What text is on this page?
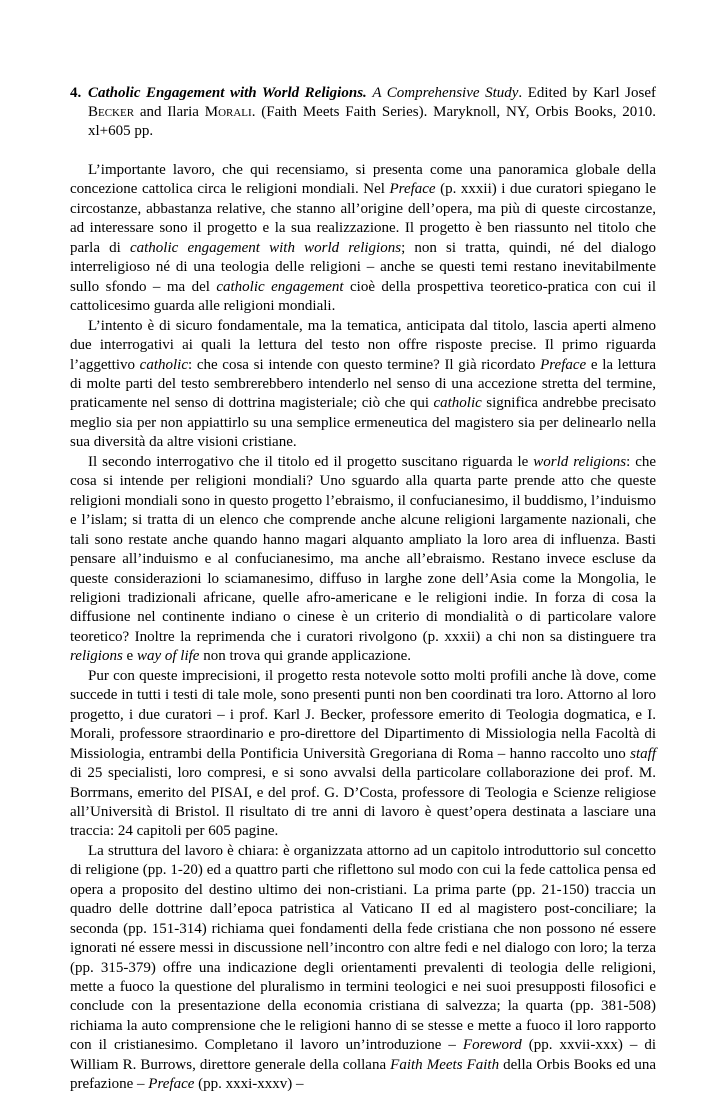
4. Catholic Engagement with World Religions. A Comprehensive Study. Edited by Karl Josef Becker and Ilaria Morali. (Faith Meets Faith Series). Maryknoll, NY, Orbis Books, 2010. xl+605 pp.

L’importante lavoro, che qui recensiamo, si presenta come una panoramica globale della concezione cattolica circa le religioni mondiali. Nel Preface (p. xxxii) i due curatori spiegano le circostanze, abbastanza relative, che stanno all’origine dell’opera, ma più di queste circostanze, ad interessare sono il progetto e la sua realizzazione. Il progetto è ben riassunto nel titolo che parla di catholic engagement with world religions; non si tratta, quindi, né del dialogo interreligioso né di una teologia delle religioni – anche se questi temi restano inevitabilmente sullo sfondo – ma del catholic engagement cioè della prospettiva teoretico-pratica con cui il cattolicesimo guarda alle religioni mondiali.

L’intento è di sicuro fondamentale, ma la tematica, anticipata dal titolo, lascia aperti almeno due interrogativi ai quali la lettura del testo non offre risposte precise. Il primo riguarda l’aggettivo catholic: che cosa si intende con questo termine? Il già ricordato Preface e la lettura di molte parti del testo sembrerebbero intenderlo nel senso di una accezione stretta del termine, praticamente nel senso di dottrina magisteriale; ciò che qui catholic significa andrebbe precisato meglio sia per non appiattirlo su una semplice ermeneutica del magistero sia per delinearlo nella sua diversità da altre visioni cristiane.

Il secondo interrogativo che il titolo ed il progetto suscitano riguarda le world religions: che cosa si intende per religioni mondiali? Uno sguardo alla quarta parte prende atto che queste religioni mondiali sono in questo progetto l’ebraismo, il confucianesimo, il buddismo, l’induismo e l’islam; si tratta di un elenco che comprende anche alcune religioni largamente nazionali, che tali sono restate anche quando hanno magari alquanto ampliato la loro area di influenza. Basti pensare all’induismo e al confucianesimo, ma anche all’ebraismo. Restano invece escluse da queste considerazioni lo sciamanesimo, diffuso in larghe zone dell’Asia come la Mongolia, le religioni tradizionali africane, quelle afro-americane e le religioni indie. In forza di cosa la diffusione nel continente indiano o cinese è un criterio di mondialità o di particolare valore teoretico? Inoltre la reprimenda che i curatori rivolgono (p. xxxii) a chi non sa distinguere tra religions e way of life non trova qui grande applicazione.

Pur con queste imprecisioni, il progetto resta notevole sotto molti profili anche là dove, come succede in tutti i testi di tale mole, sono presenti punti non ben coordinati tra loro. Attorno al loro progetto, i due curatori – i prof. Karl J. Becker, professore emerito di Teologia dogmatica, e I. Morali, professore straordinario e pro-direttore del Dipartimento di Missiologia nella Facoltà di Missiologia, entrambi della Pontificia Università Gregoriana di Roma – hanno raccolto uno staff di 25 specialisti, loro compresi, e si sono avvalsi della particolare collaborazione dei prof. M. Borrmans, emerito del PISAI, e del prof. G. D’Costa, professore di Teologia e Scienze religiose all’Università di Bristol. Il risultato di tre anni di lavoro è quest’opera destinata a lasciare una traccia: 24 capitoli per 605 pagine.

La struttura del lavoro è chiara: è organizzata attorno ad un capitolo introduttorio sul concetto di religione (pp. 1-20) ed a quattro parti che riflettono sul modo con cui la fede cattolica pensa ed opera a proposito del destino ultimo dei non-cristiani. La prima parte (pp. 21-150) traccia un quadro delle dottrine dall’epoca patristica al Vaticano II ed al magistero post-conciliare; la seconda (pp. 151-314) richiama quei fondamenti della fede cristiana che non possono né essere ignorati né essere messi in discussione nell’incontro con altre fedi e nel dialogo con loro; la terza (pp. 315-379) offre una indicazione degli orientamenti prevalenti di teologia delle religioni, mette a fuoco la questione del pluralismo in termini teologici e nei suoi presupposti filosofici e conclude con la presentazione della economia cristiana di salvezza; la quarta (pp. 381-508) richiama la auto comprensione che le religioni hanno di se stesse e mette a fuoco il loro rapporto con il cristianesimo. Completano il lavoro un’introduzione – Foreword (pp. xxvii-xxx) – di William R. Burrows, direttore generale della collana Faith Meets Faith della Orbis Books ed una prefazione – Preface (pp. xxxi-xxxv) –
